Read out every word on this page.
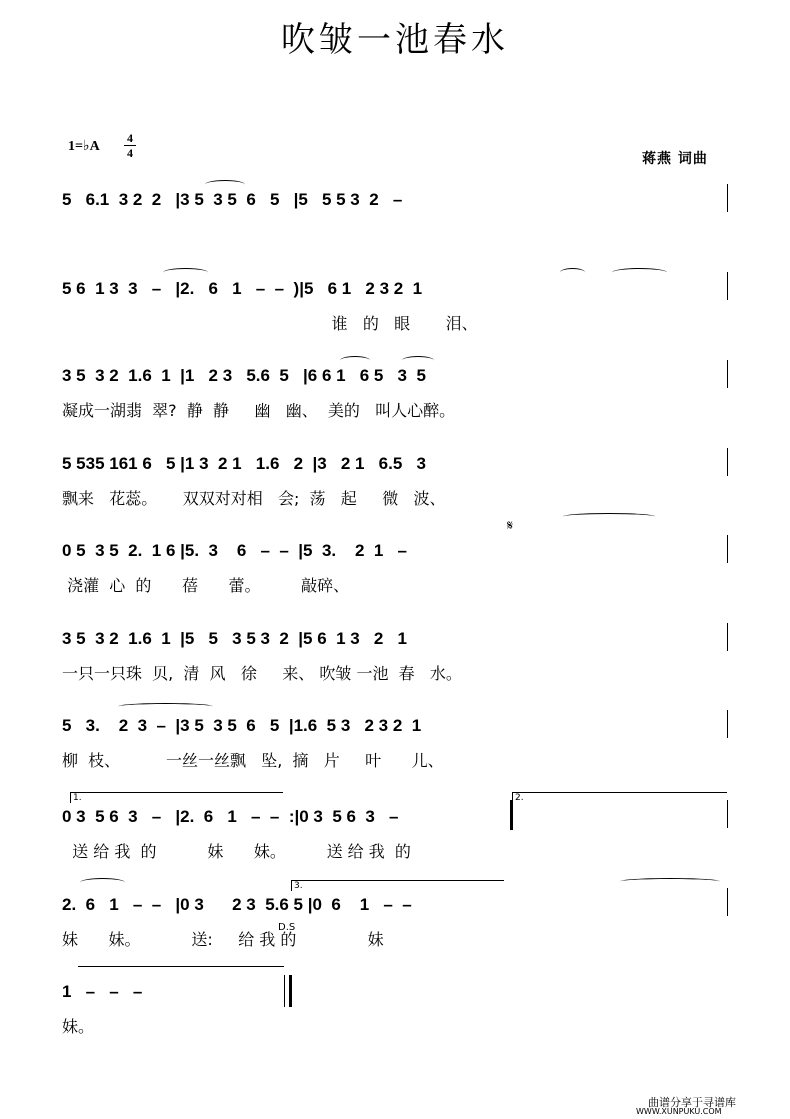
吹皱一池春水
1=♭A
4
4	蒋燕 词曲
5   6.1  3 2  2   |3 5  3 5  6   5   |5   5 5 3  2   –
5 6  1 3  3   –   |2.   6   1   –  –  )|5   6 1   2 3 2  1
谁   的   眼       泪、
3 5  3 2  1.6  1  |1   2 3   5.6  5   |6 6 1   6 5   3  5
凝成一湖翡  翠?  静  静     幽   幽、  美的   叫人心醉。
5 535 161 6   5 |1 3  2 1   1.6   2  |3   2 1   6.5   3
飘来   花蕊。     双双对对相   会;  荡   起     微   波、
0 5  3 5  2.  1 6 |5.  3    6   –  –  |5  3.    2  1   –
浇灌  心  的      蓓      蕾。        敲碎、
3 5  3 2  1.6  1  |5   5   3 5 3  2  |5 6  1 3   2   1
一只一只珠  贝,  清  风   徐     来、 吹皱 一池  春   水。
5   3.    2  3  –  |3 5  3 5  6   5  |1.6  5 3   2 3 2  1
柳  枝、         一丝一丝飘   坠,  摘   片     叶      儿、
0 3  5 6  3   –   |2.  6   1   –  –  :|0 3  5 6  3   –
送 给 我  的          妹      妹。        送 给 我  的
2.  6   1   –  –   |0 3      2 3  5.6 5 |0  6    1   –  –
妹      妹。          送:     给 我 的              妹
1   –   –   –
妹。
1.	2.
3.
D.S
𝄋
曲谱分享于寻谱库
WWW.XUNPUKU.COM
